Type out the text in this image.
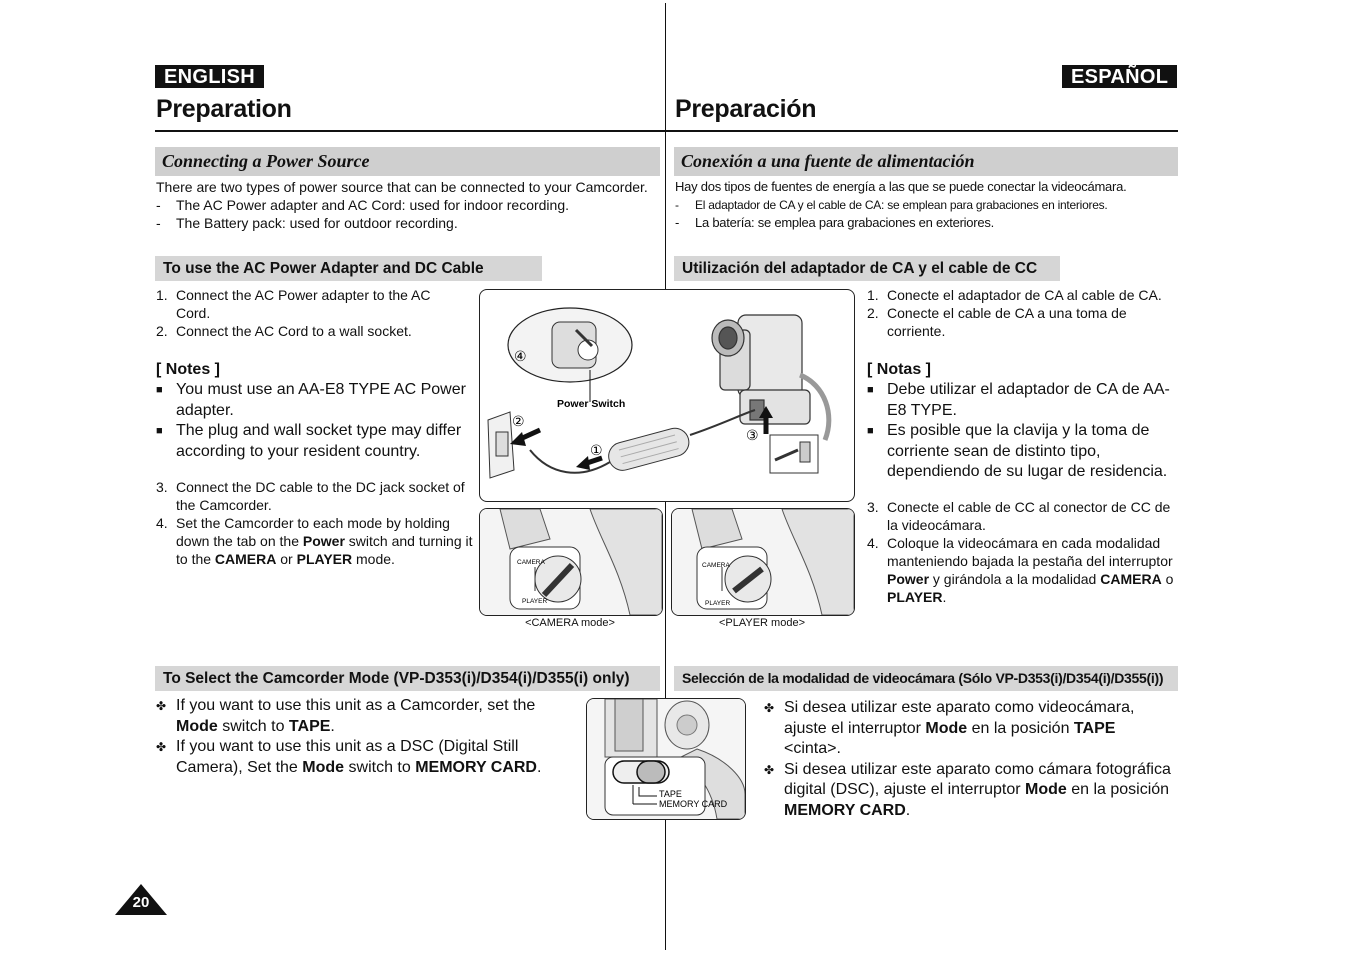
ENGLISH	ESPAÑOL
Preparation	Preparación
Connecting a Power Source
There are two types of power source that can be connected to your Camcorder.
-	The AC Power adapter and AC Cord: used for indoor recording.
-	The Battery pack: used for outdoor recording.
To use the AC Power Adapter and DC Cable
1. Connect the AC Power adapter to the AC Cord.
2. Connect the AC Cord to a wall socket.
[ Notes ]
■ You must use an AA-E8 TYPE AC Power adapter.
■ The plug and wall socket type may differ according to your resident country.
3. Connect the DC cable to the DC jack socket of the Camcorder.
4. Set the Camcorder to each mode by holding down the tab on the Power switch and turning it to the CAMERA or PLAYER mode.
To Select the Camcorder Mode (VP-D353(i)/D354(i)/D355(i) only)
✤ If you want to use this unit as a Camcorder, set the Mode switch to TAPE.
✤ If you want to use this unit as a DSC (Digital Still Camera), Set the Mode switch to MEMORY CARD.
Conexión a una fuente de alimentación
Hay dos tipos de fuentes de energía a las que se puede conectar la videocámara.
-	El adaptador de CA y el cable de CA: se emplean para grabaciones en interiores.
-	La batería: se emplea para grabaciones en exteriores.
Utilización del adaptador de CA y el cable de CC
1. Conecte el adaptador de CA al cable de CA.
2. Conecte el cable de CA a una toma de corriente.
[ Notas ]
■ Debe utilizar el adaptador de CA de AA-E8 TYPE.
■ Es posible que la clavija y la toma de corriente sean de distinto tipo, dependiendo de su lugar de residencia.
3. Conecte el cable de CC al conector de CC de la videocámara.
4. Coloque la videocámara en cada modalidad manteniendo bajada la pestaña del interruptor Power y girándola a la modalidad CAMERA o PLAYER.
Selección de la modalidad de videocámara (Sólo VP-D353(i)/D354(i)/D355(i))
✤ Si desea utilizar este aparato como videocámara, ajuste el interruptor Mode en la posición TAPE <cinta>.
✤ Si desea utilizar este aparato como cámara fotográfica digital (DSC), ajuste el interruptor Mode en la posición MEMORY CARD.
④
②
①
③
Power Switch
CAMERA
PLAYER
CAMERA
PLAYER
<CAMERA mode>	<PLAYER mode>
TAPE
MEMORY CARD
20
